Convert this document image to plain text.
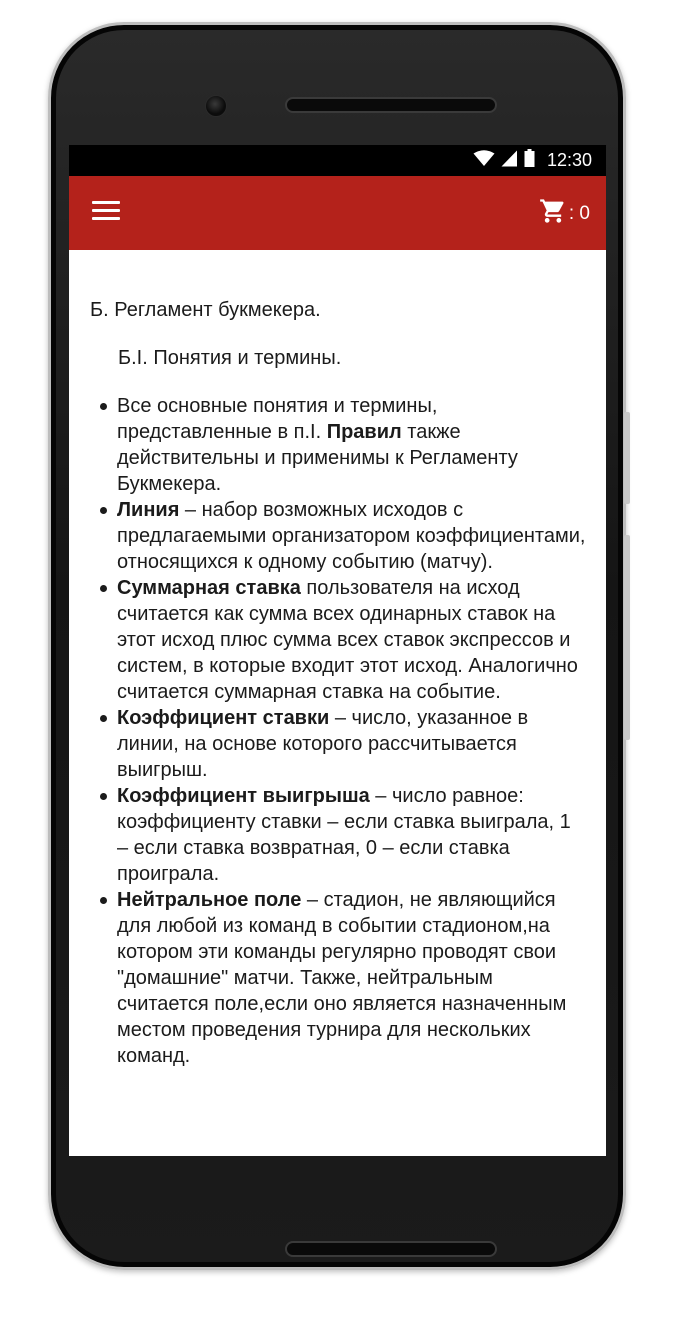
12:30
: 0

Б. Регламент букмекера.

Б.I. Понятия и термины.

Все основные понятия и термины, представленные в п.I. Правил также действительны и применимы к Регламенту Букмекера.
Линия – набор возможных исходов с предлагаемыми организатором коэффициентами, относящихся к одному событию (матчу).
Суммарная ставка пользователя на исход считается как сумма всех одинарных ставок на этот исход плюс сумма всех ставок экспрессов и систем, в которые входит этот исход. Аналогично считается суммарная ставка на событие.
Коэффициент ставки – число, указанное в линии, на основе которого рассчитывается выигрыш.
Коэффициент выигрыша – число равное: коэффициенту ставки – если ставка выиграла, 1 – если ставка возвратная, 0 – если ставка проиграла.
Нейтральное поле – стадион, не являющийся для любой из команд в событии стадионом,на котором эти команды регулярно проводят свои "домашние" матчи. Также, нейтральным считается поле,если оно является назначенным местом проведения турнира для нескольких команд.
